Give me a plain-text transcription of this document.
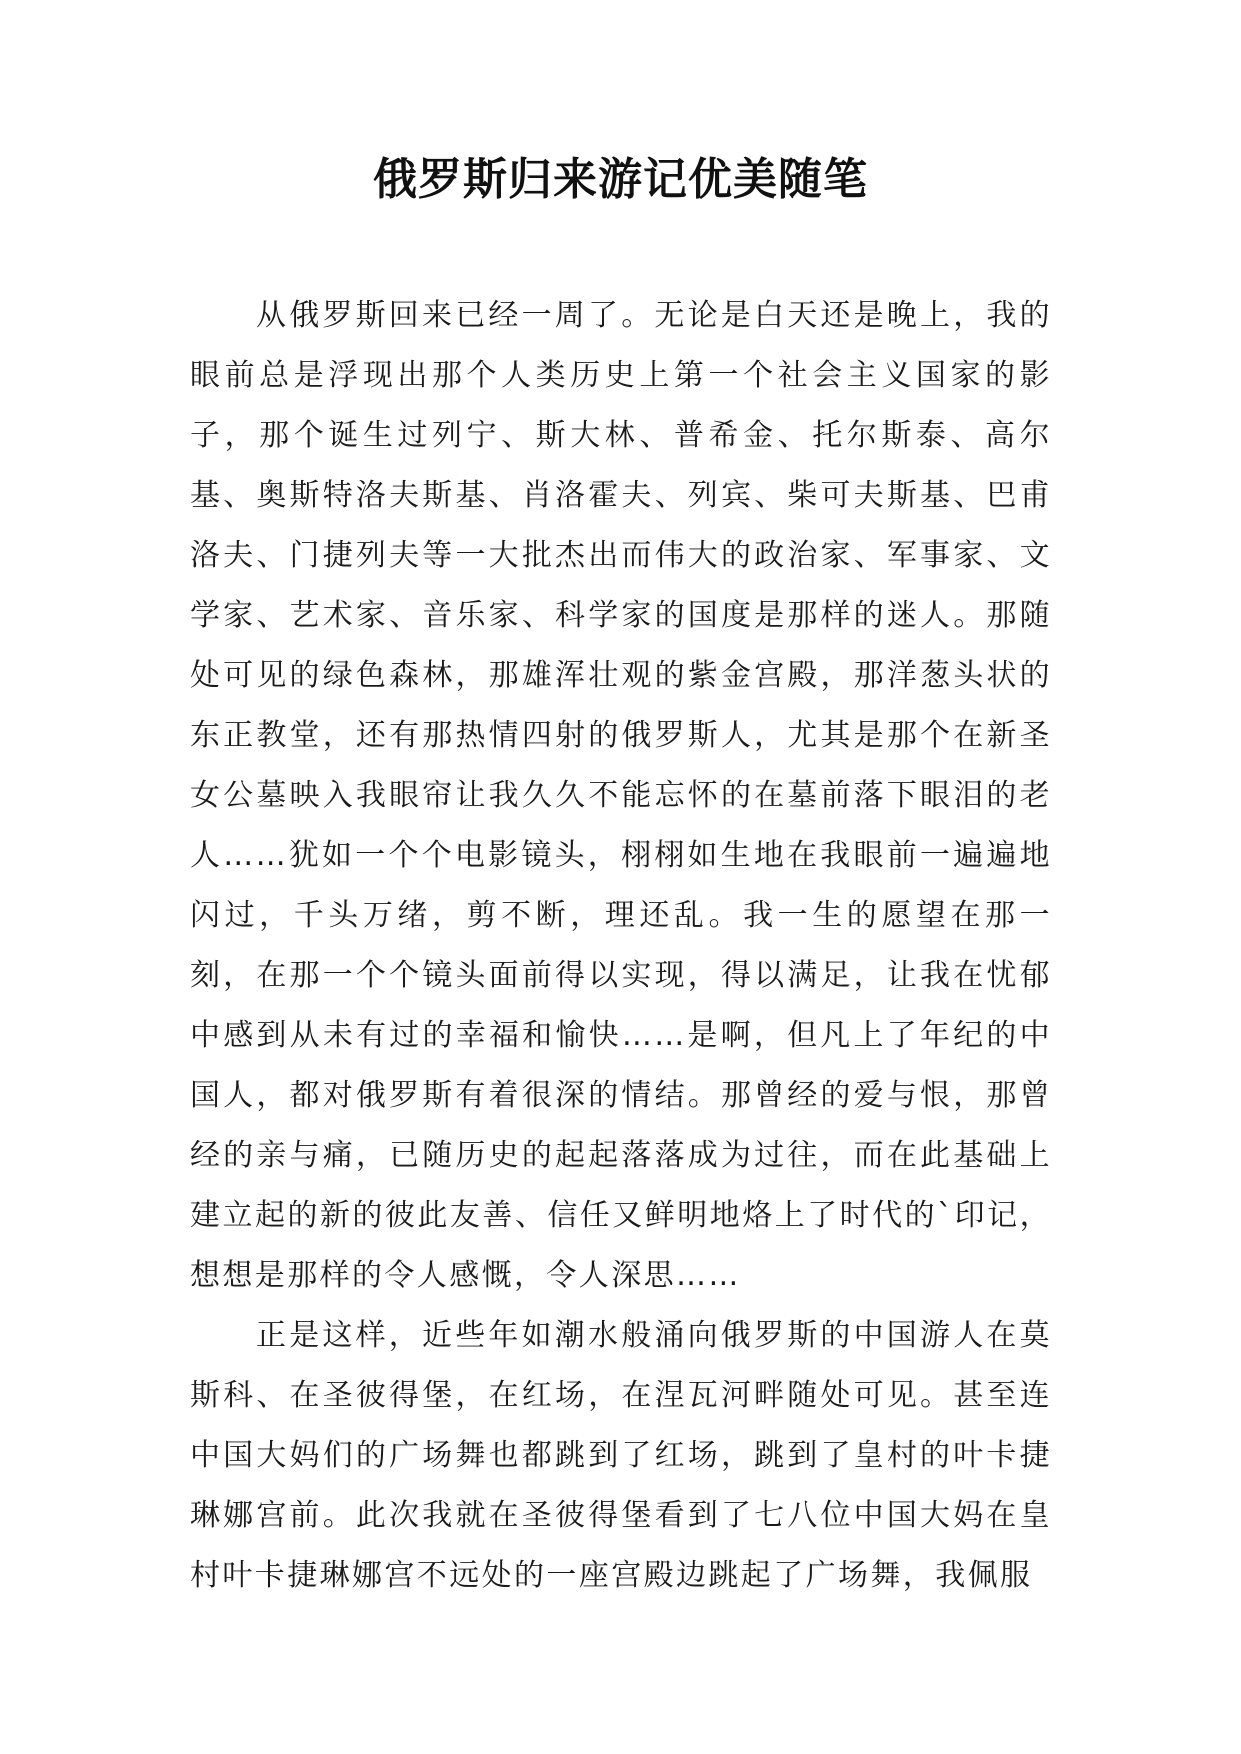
俄罗斯归来游记优美随笔

从俄罗斯回来已经一周了。无论是白天还是晚上，我的眼前总是浮现出那个人类历史上第一个社会主义国家的影子，那个诞生过列宁、斯大林、普希金、托尔斯泰、高尔基、奥斯特洛夫斯基、肖洛霍夫、列宾、柴可夫斯基、巴甫洛夫、门捷列夫等一大批杰出而伟大的政治家、军事家、文学家、艺术家、音乐家、科学家的国度是那样的迷人。那随处可见的绿色森林，那雄浑壮观的紫金宫殿，那洋葱头状的东正教堂，还有那热情四射的俄罗斯人，尤其是那个在新圣女公墓映入我眼帘让我久久不能忘怀的在墓前落下眼泪的老人……犹如一个个电影镜头，栩栩如生地在我眼前一遍遍地闪过，千头万绪，剪不断，理还乱。我一生的愿望在那一刻，在那一个个镜头面前得以实现，得以满足，让我在忧郁中感到从未有过的幸福和愉快……是啊，但凡上了年纪的中国人，都对俄罗斯有着很深的情结。那曾经的爱与恨，那曾经的亲与痛，已随历史的起起落落成为过往，而在此基础上建立起的新的彼此友善、信任又鲜明地烙上了时代的`印记，想想是那样的令人感慨，令人深思……

正是这样，近些年如潮水般涌向俄罗斯的中国游人在莫斯科、在圣彼得堡，在红场，在涅瓦河畔随处可见。甚至连中国大妈们的广场舞也都跳到了红场，跳到了皇村的叶卡捷琳娜宫前。此次我就在圣彼得堡看到了七八位中国大妈在皇村叶卡捷琳娜宫不远处的一座宫殿边跳起了广场舞，我佩服
